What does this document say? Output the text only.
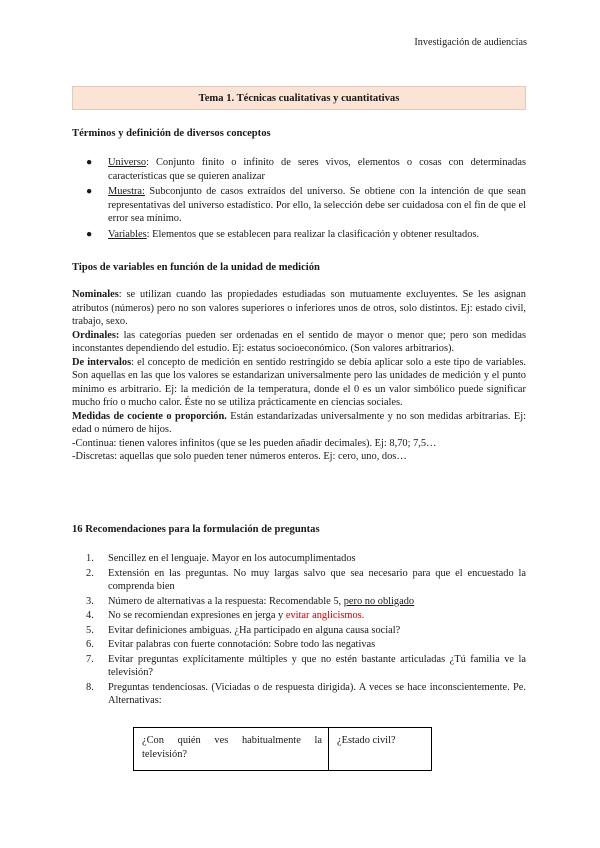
Investigación de audiencias
Tema 1. Técnicas cualitativas y cuantitativas
Términos y definición de diversos conceptos
● Universo: Conjunto finito o infinito de seres vivos, elementos o cosas con determinadas características que se quieren analizar
● Muestra: Subconjunto de casos extraídos del universo. Se obtiene con la intención de que sean representativas del universo estadístico. Por ello, la selección debe ser cuidadosa con el fin de que el error sea mínimo.
● Variables: Elementos que se establecen para realizar la clasificación y obtener resultados.
Tipos de variables en función de la unidad de medición

Nominales: se utilizan cuando las propiedades estudiadas son mutuamente excluyentes. Se les asignan atributos (números) pero no son valores superiores o inferiores unos de otros, solo distintos. Ej: estado civil, trabajo, sexo.

Ordinales: las categorías pueden ser ordenadas en el sentido de mayor o menor que; pero son medidas inconstantes dependiendo del estudio. Ej: estatus socioeconómico. (Son valores arbitrarios).

De intervalos: el concepto de medición en sentido restringido se debía aplicar solo a este tipo de variables. Son aquellas en las que los valores se estandarizan universalmente pero las unidades de medición y el punto mínimo es arbitrario. Ej: la medición de la temperatura, donde el 0 es un valor simbólico puede significar mucho frío o mucho calor. Éste no se utiliza prácticamente en ciencias sociales.

Medidas de cociente o proporción. Están estandarizadas universalmente y no son medidas arbitrarias. Ej: edad o número de hijos.

-Continua: tienen valores infinitos (que se les pueden añadir decimales). Ej: 8,70; 7,5…

-Discretas: aquellas que solo pueden tener números enteros. Ej: cero, uno, dos…

16 Recomendaciones para la formulación de preguntas
1. Sencillez en el lenguaje. Mayor en los autocumplimentados
2. Extensión en las preguntas. No muy largas salvo que sea necesario para que el encuestado la comprenda bien
3. Número de alternativas a la respuesta: Recomendable 5, pero no obligado
4. No se recomiendan expresiones en jerga y evitar anglicismos.
5. Evitar definiciones ambiguas. ¿Ha participado en alguna causa social?
6. Evitar palabras con fuerte connotación: Sobre todo las negativas
7. Evitar preguntas explícitamente múltiples y que no estén bastante articuladas ¿Tú familia ve la televisión?
8. Preguntas tendenciosas. (Viciadas o de respuesta dirigida). A veces se hace inconscientemente. Pe. Alternativas:
¿Con quién ves habitualmente la televisión?	¿Estado civil?
